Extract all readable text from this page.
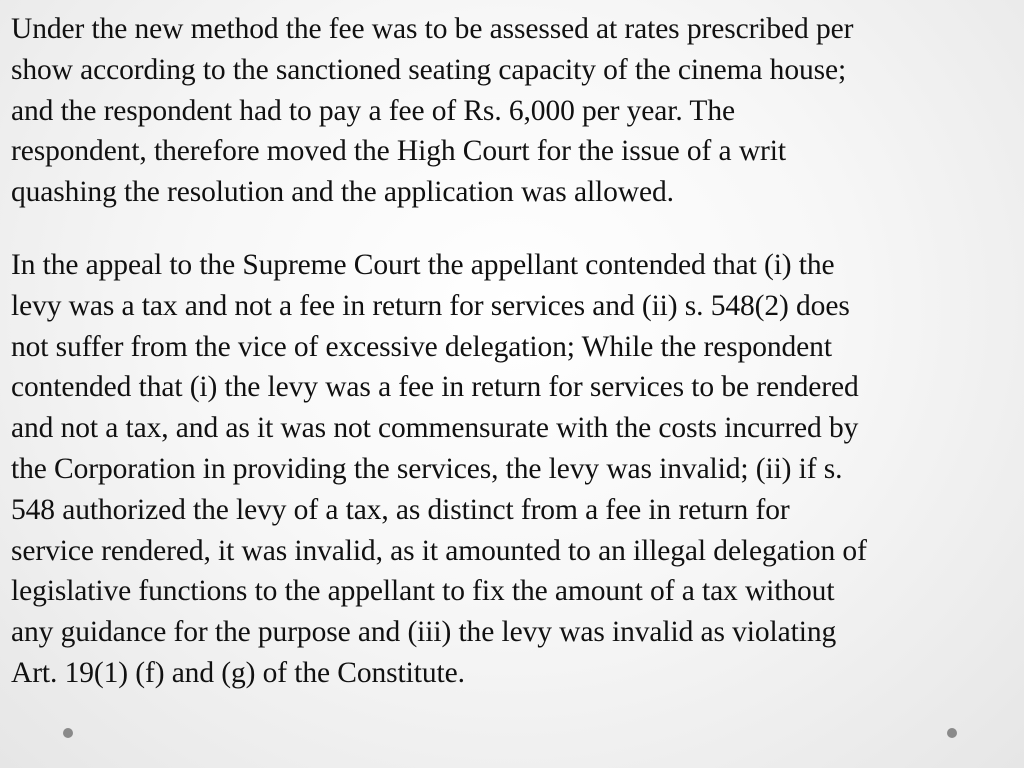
Under the new method the fee was to be assessed at rates prescribed per
show according to the sanctioned seating capacity of the cinema house;
and the respondent had to pay a fee of Rs. 6,000 per year. The
respondent, therefore moved the High Court for the issue of a writ
quashing the resolution and the application was allowed.

In the appeal to the Supreme Court the appellant contended that (i) the
levy was a tax and not a fee in return for services and (ii) s. 548(2) does
not suffer from the vice of excessive delegation; While the respondent
contended that (i) the levy was a fee in return for services to be rendered
and not a tax, and as it was not commensurate with the costs incurred by
the Corporation in providing the services, the levy was invalid; (ii) if s.
548 authorized the levy of a tax, as distinct from a fee in return for
service rendered, it was invalid, as it amounted to an illegal delegation of
legislative functions to the appellant to fix the amount of a tax without
any guidance for the purpose and (iii) the levy was invalid as violating
Art. 19(1) (f) and (g) of the Constitute.
